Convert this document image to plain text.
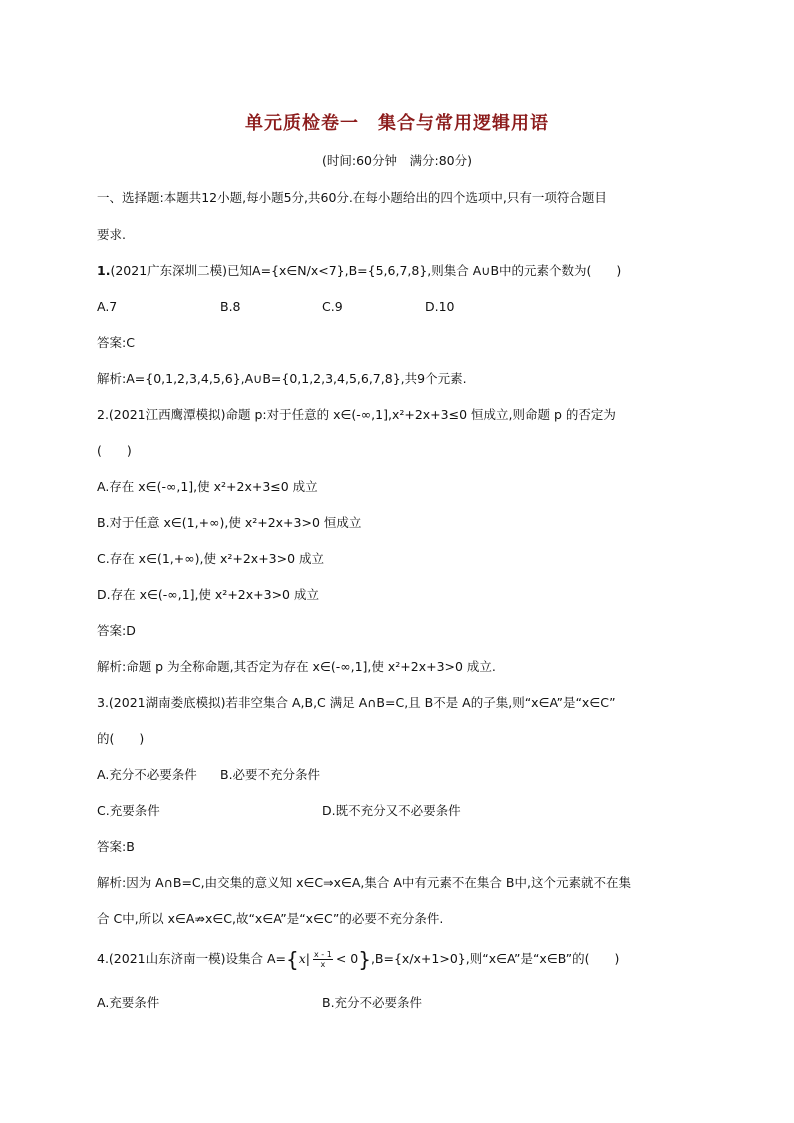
单元质检卷一　集合与常用逻辑用语
(时间:60分钟　满分:80分)
一、选择题:本题共12小题,每小题5分,共60分.在每小题给出的四个选项中,只有一项符合题目
要求.
1.(2021广东深圳二模)已知A={x∈N/x<7},B={5,6,7,8},则集合 A∪B中的元素个数为(　　)
A.7	B.8	C.9	D.10
答案:C
解析:A={0,1,2,3,4,5,6},A∪B={0,1,2,3,4,5,6,7,8},共9个元素.
2.(2021江西鹰潭模拟)命题 p:对于任意的 x∈(-∞,1],x²+2x+3≤0 恒成立,则命题 p 的否定为
(　　)
A.存在 x∈(-∞,1],使 x²+2x+3≤0 成立
B.对于任意 x∈(1,+∞),使 x²+2x+3>0 恒成立
C.存在 x∈(1,+∞),使 x²+2x+3>0 成立
D.存在 x∈(-∞,1],使 x²+2x+3>0 成立
答案:D
解析:命题 p 为全称命题,其否定为存在 x∈(-∞,1],使 x²+2x+3>0 成立.
3.(2021湖南娄底模拟)若非空集合 A,B,C 满足 A∩B=C,且 B不是 A的子集,则“x∈A”是“x∈C”
的(　　)
A.充分不必要条件 B.必要不充分条件
C.充要条件	D.既不充分又不必要条件
答案:B
解析:因为 A∩B=C,由交集的意义知 x∈C⇒x∈A,集合 A中有元素不在集合 B中,这个元素就不在集
合 C中,所以 x∈A⇏x∈C,故“x∈A”是“x∈C”的必要不充分条件.
4.(2021山东济南一模)设集合 $A=\{x| \frac{x - 1}{x} < 0\},B=\{x/x+1>0\}$,则“x∈A”是“x∈B”的(　　)
A.充要条件	B.充分不必要条件
